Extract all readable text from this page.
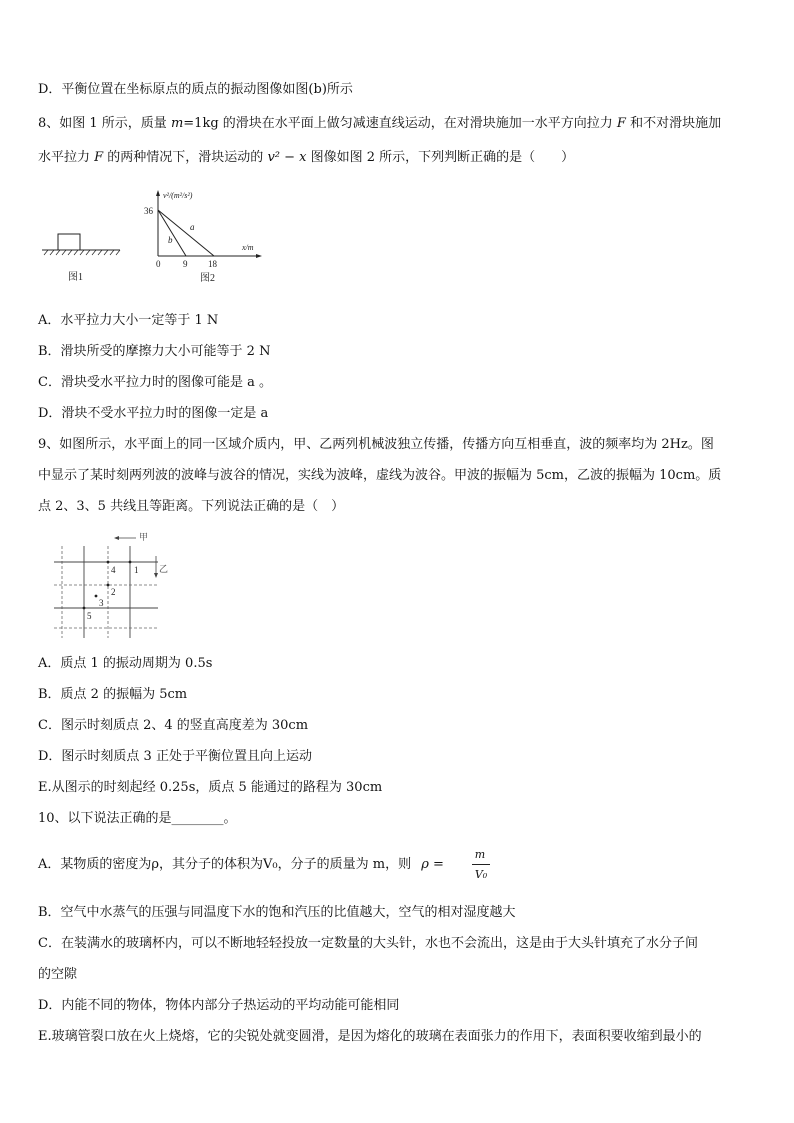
D．平衡位置在坐标原点的质点的振动图像如图(b)所示
8、如图 1 所示，质量 m=1kg 的滑块在水平面上做匀减速直线运动，在对滑块施加一水平方向拉力 F 和不对滑块施加
水平拉力 F 的两种情况下，滑块运动的 v² − x 图像如图 2 所示，下列判断正确的是（　　）
图1
v²/(m²/s²)
x/m
36
0	9 18
a
b
图2
A．水平拉力大小一定等于 1 N
B．滑块所受的摩擦力大小可能等于 2 N
C．滑块受水平拉力时的图像可能是 a 。
D．滑块不受水平拉力时的图像一定是 a
9、如图所示，水平面上的同一区域介质内，甲、乙两列机械波独立传播，传播方向互相垂直，波的频率均为 2Hz。图
中显示了某时刻两列波的波峰与波谷的情况，实线为波峰，虚线为波谷。甲波的振幅为 5cm，乙波的振幅为 10cm。质
点 2、3、5 共线且等距离。下列说法正确的是（　）
甲
乙
1
4
2
3
5
A．质点 1 的振动周期为 0.5s
B．质点 2 的振幅为 5cm
C．图示时刻质点 2、4 的竖直高度差为 30cm
D．图示时刻质点 3 正处于平衡位置且向上运动
E.从图示的时刻起经 0.25s，质点 5 能通过的路程为 30cm
10、以下说法正确的是________。
A．某物质的密度为ρ，其分子的体积为V₀，分子的质量为 m，则 ρ =
m
V₀
B．空气中水蒸气的压强与同温度下水的饱和汽压的比值越大，空气的相对湿度越大
C．在装满水的玻璃杯内，可以不断地轻轻投放一定数量的大头针，水也不会流出，这是由于大头针填充了水分子间
的空隙
D．内能不同的物体，物体内部分子热运动的平均动能可能相同
E.玻璃管裂口放在火上烧熔，它的尖锐处就变圆滑，是因为熔化的玻璃在表面张力的作用下，表面积要收缩到最小的
